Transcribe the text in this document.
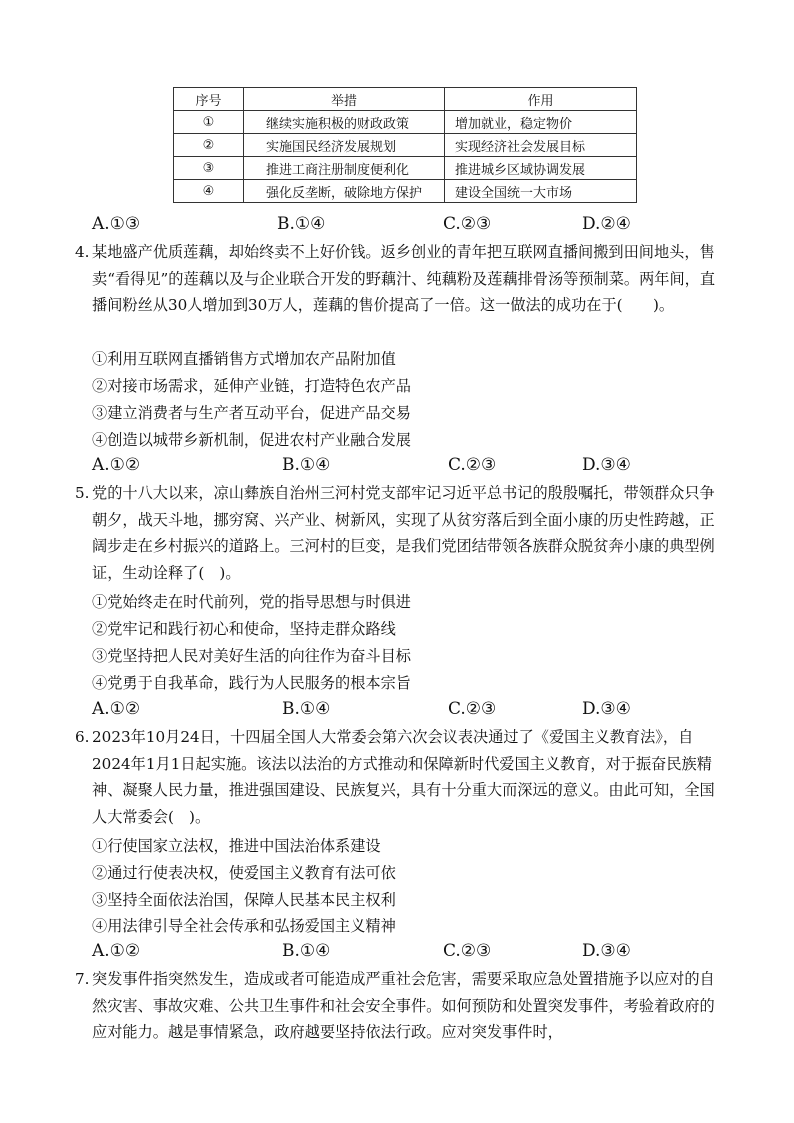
序号	举措	作用
①	继续实施积极的财政政策	增加就业，稳定物价
②	实施国民经济发展规划	实现经济社会发展目标
③	推进工商注册制度便利化	推进城乡区域协调发展
④	强化反垄断，破除地方保护	建设全国统一大市场
A.①③	B.①④	C.②③	D.②④
4. 某地盛产优质莲藕，却始终卖不上好价钱。返乡创业的青年把互联网直播间搬到田间地头，售卖“看得见”的莲藕以及与企业联合开发的野藕汁、纯藕粉及莲藕排骨汤等预制菜。两年间，直播间粉丝从30人增加到30万人，莲藕的售价提高了一倍。这一做法的成功在于(　　)。
①利用互联网直播销售方式增加农产品附加值
②对接市场需求，延伸产业链，打造特色农产品
③建立消费者与生产者互动平台，促进产品交易
④创造以城带乡新机制，促进农村产业融合发展
A.①②	B.①④	C.②③	D.③④
5. 党的十八大以来，凉山彝族自治州三河村党支部牢记习近平总书记的殷殷嘱托，带领群众只争朝夕，战天斗地，挪穷窝、兴产业、树新风，实现了从贫穷落后到全面小康的历史性跨越，正阔步走在乡村振兴的道路上。三河村的巨变，是我们党团结带领各族群众脱贫奔小康的典型例证，生动诠释了(　)。
①党始终走在时代前列，党的指导思想与时俱进
②党牢记和践行初心和使命，坚持走群众路线
③党坚持把人民对美好生活的向往作为奋斗目标
④党勇于自我革命，践行为人民服务的根本宗旨
A.①②	B.①④	C.②③	D.③④
6. 2023年10月24日，十四届全国人大常委会第六次会议表决通过了《爱国主义教育法》，自2024年1月1日起实施。该法以法治的方式推动和保障新时代爱国主义教育，对于振奋民族精神、凝聚人民力量，推进强国建设、民族复兴，具有十分重大而深远的意义。由此可知，全国人大常委会(　)。
①行使国家立法权，推进中国法治体系建设
②通过行使表决权，使爱国主义教育有法可依
③坚持全面依法治国，保障人民基本民主权利
④用法律引导全社会传承和弘扬爱国主义精神
A.①②	B.①④	C.②③	D.③④
7. 突发事件指突然发生，造成或者可能造成严重社会危害，需要采取应急处置措施予以应对的自然灾害、事故灾难、公共卫生事件和社会安全事件。如何预防和处置突发事件，考验着政府的应对能力。越是事情紧急，政府越要坚持依法行政。应对突发事件时，
